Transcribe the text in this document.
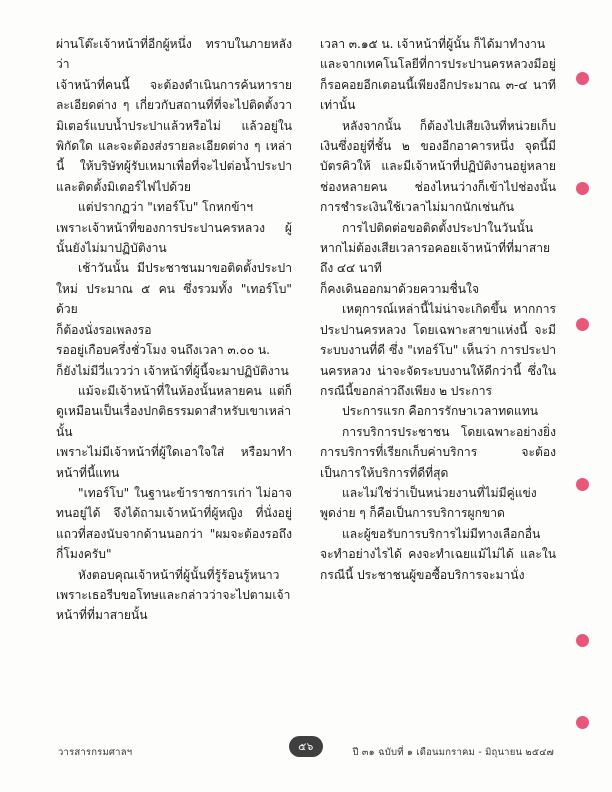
ผ่านโต๊ะเจ้าหน้าที่อีกผู้หนึ่ง ทราบในภายหลังว่า

เจ้าหน้าที่คนนี้ จะต้องดำเนินการค้นหารายละเอียดต่าง ๆ เกี่ยวกับสถานที่ที่จะไปติดตั้งวามิเตอร์แบบน้ำประปาแล้วหรือไม่ แล้วอยู่ในพิกัดใด และจะต้องส่งรายละเอียดต่าง ๆ เหล่านี้ ให้บริษัทผู้รับเหมาเพื่อที่จะไปต่อน้ำประปาและติดตั้งมิเตอร์ไฟไปด้วย

แต่ปรากฏว่า "เทอร์โบ" โกหกข้าฯ

เพราะเจ้าหน้าที่ของการประปานครหลวง ผู้นั้นยังไม่มาปฏิบัติงาน

เช้าวันนั้น มีประชาชนมาขอติดตั้งประปาใหม่ ประมาณ ๕ คน ซึ่งรวมทั้ง "เทอร์โบ" ด้วย

ก็ต้องนั่งรอเพลงรอ

รออยู่เกือบครึ่งชั่วโมง จนถึงเวลา ๓.๐๐ น.

ก็ยังไม่มีวี่แววว่า เจ้าหน้าที่ผู้นี้จะมาปฏิบัติงาน

แม้จะมีเจ้าหน้าที่ในห้องนั้นหลายคน แต่ก็ดูเหมือนเป็นเรื่องปกติธรรมดาสำหรับเขาเหล่านั้น

เพราะไม่มีเจ้าหน้าที่ผู้ใดเอาใจใส่ หรือมาทำหน้าที่นี้แทน

"เทอร์โบ" ในฐานะข้าราชการเก่า ไม่อาจทนอยู่ได้ จึงได้ถามเจ้าหน้าที่ผู้หญิง ที่นั่งอยู่แถวที่สองนับจากด้านนอกว่า "ผมจะต้องรอถึงกี่โมงครับ"

หังตอบคุณเจ้าหน้าที่ผู้นั้นที่รู้ร้อนรู้หนาว เพราะเธอรีบขอโทษและกล่าวว่าจะไปตามเจ้าหน้าที่ที่มาสายนั้น

เวลา ๓.๑๕ น. เจ้าหน้าที่ผู้นั้น ก็ได้มาทำงาน

และจากเทคโนโลยีที่การประปานครหลวงมีอยู่ ก็รอคอยอีกเตอนนี้เพียงอีกประมาณ ๓-๔ นาที เท่านั้น

หลังจากนั้น ก็ต้องไปเสียเงินที่หน่วยเก็บเงินซึ่งอยู่ที่ชั้น ๒ ของอีกอาคารหนึ่ง จุดนี้มีบัตรคิวให้ และมีเจ้าหน้าที่ปฏิบัติงานอยู่หลายช่องหลายคน ช่องไหนว่างก็เข้าไปช่องนั้น การชำระเงินใช้เวลาไม่มากนักเช่นกัน

การไปติดต่อขอติดตั้งประปาในวันนั้น หากไม่ต้องเสียเวลารอคอยเจ้าหน้าที่ที่มาสาย ถึง ๔๔ นาที

ก็คงเดินออกมาด้วยความชื่นใจ

เหตุการณ์เหล่านี้ไม่น่าจะเกิดขึ้น หากการประปานครหลวง โดยเฉพาะสาขาแห่งนี้ จะมีระบบงานที่ดี ซึ่ง "เทอร์โบ" เห็นว่า การประปานครหลวง น่าจะจัดระบบงานให้ดีกว่านี้ ซึ่งในกรณีนี้ขอกล่าวถึงเพียง ๒ ประการ

ประการแรก คือการรักษาเวลาทดแทน

การบริการประชาชน โดยเฉพาะอย่างยิ่ง การบริการที่เรียกเก็บค่าบริการ จะต้องเป็นการให้บริการที่ดีที่สุด

และไม่ใช่ว่าเป็นหน่วยงานที่ไม่มีคู่แข่ง พูดง่าย ๆ ก็คือเป็นการบริการผูกขาด

และผู้ขอรับการบริการไม่มีทางเลือกอื่น จะทำอย่างไรได้ คงจะทำเฉยแม้ไม่ได้ และในกรณีนี้ ประชาชนผู้ขอซื้อบริการจะมานั่ง

วารสารกรมศาลฯ	๕๖	ปี ๓๑ ฉบับที่ ๑ เดือนมกราคม - มิถุนายน ๒๕๔๗
